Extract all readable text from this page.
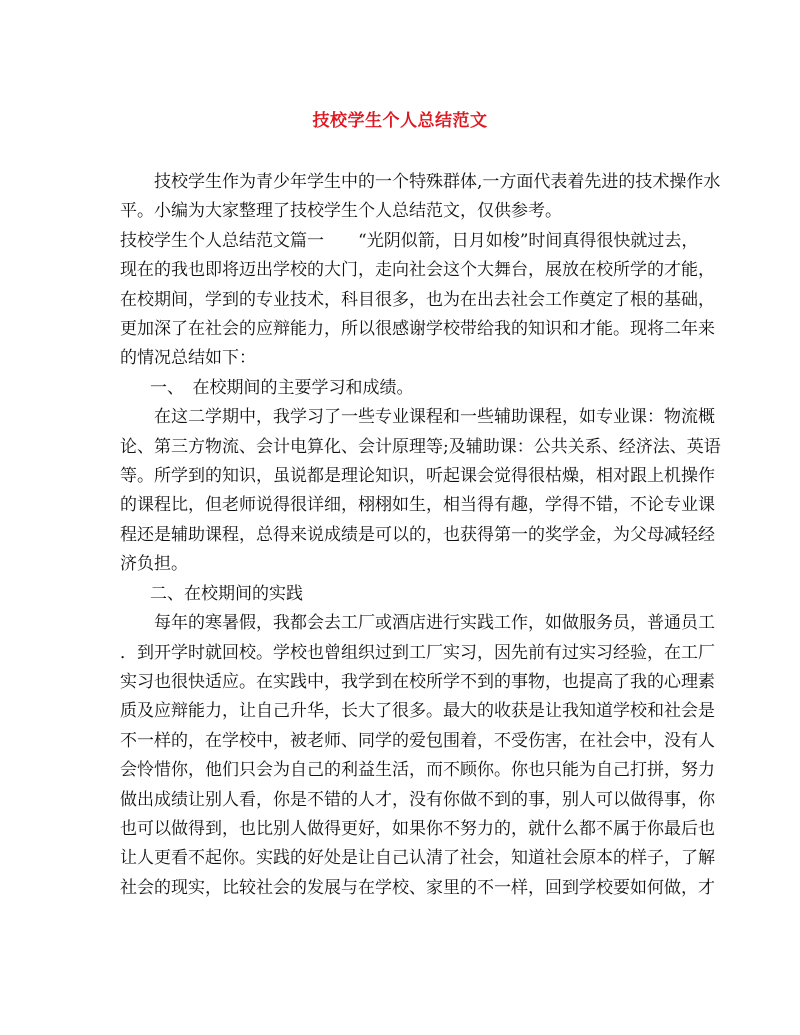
技校学生个人总结范文

技校学生作为青少年学生中的一个特殊群体,一方面代表着先进的技术操作水

平。小编为大家整理了技校学生个人总结范文，仅供参考。

技校学生个人总结范文篇一　　“光阴似箭，日月如梭”时间真得很快就过去，

现在的我也即将迈出学校的大门，走向社会这个大舞台，展放在校所学的才能，

在校期间，学到的专业技术，科目很多，也为在出去社会工作奠定了根的基础，

更加深了在社会的应辩能力，所以很感谢学校带给我的知识和才能。现将二年来

的情况总结如下：

一、　在校期间的主要学习和成绩。

在这二学期中，我学习了一些专业课程和一些辅助课程，如专业课：物流概

论、第三方物流、会计电算化、会计原理等;及辅助课：公共关系、经济法、英语

等。所学到的知识，虽说都是理论知识，听起课会觉得很枯燥，相对跟上机操作

的课程比，但老师说得很详细，栩栩如生，相当得有趣，学得不错，不论专业课

程还是辅助课程，总得来说成绩是可以的，也获得第一的奖学金，为父母减轻经

济负担。

二、在校期间的实践

每年的寒暑假，我都会去工厂或酒店进行实践工作，如做服务员，普通员工

．到开学时就回校。学校也曾组织过到工厂实习，因先前有过实习经验，在工厂

实习也很快适应。在实践中，我学到在校所学不到的事物，也提高了我的心理素

质及应辩能力，让自己升华，长大了很多。最大的收获是让我知道学校和社会是

不一样的，在学校中，被老师、同学的爱包围着，不受伤害，在社会中，没有人

会怜惜你，他们只会为自己的利益生活，而不顾你。你也只能为自己打拼，努力

做出成绩让别人看，你是不错的人才，没有你做不到的事，别人可以做得事，你

也可以做得到，也比别人做得更好，如果你不努力的，就什么都不属于你最后也

让人更看不起你。实践的好处是让自己认清了社会，知道社会原本的样子，了解

社会的现实，比较社会的发展与在学校、家里的不一样，回到学校要如何做，才
